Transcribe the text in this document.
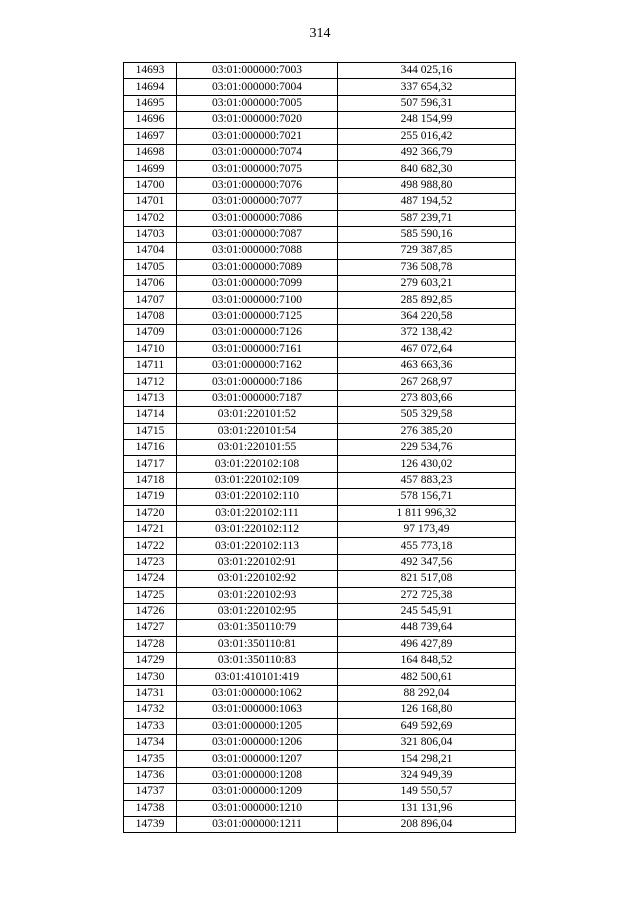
314
14693	03:01:000000:7003	344 025,16
14694	03:01:000000:7004	337 654,32
14695	03:01:000000:7005	507 596,31
14696	03:01:000000:7020	248 154,99
14697	03:01:000000:7021	255 016,42
14698	03:01:000000:7074	492 366,79
14699	03:01:000000:7075	840 682,30
14700	03:01:000000:7076	498 988,80
14701	03:01:000000:7077	487 194,52
14702	03:01:000000:7086	587 239,71
14703	03:01:000000:7087	585 590,16
14704	03:01:000000:7088	729 387,85
14705	03:01:000000:7089	736 508,78
14706	03:01:000000:7099	279 603,21
14707	03:01:000000:7100	285 892,85
14708	03:01:000000:7125	364 220,58
14709	03:01:000000:7126	372 138,42
14710	03:01:000000:7161	467 072,64
14711	03:01:000000:7162	463 663,36
14712	03:01:000000:7186	267 268,97
14713	03:01:000000:7187	273 803,66
14714	03:01:220101:52	505 329,58
14715	03:01:220101:54	276 385,20
14716	03:01:220101:55	229 534,76
14717	03:01:220102:108	126 430,02
14718	03:01:220102:109	457 883,23
14719	03:01:220102:110	578 156,71
14720	03:01:220102:111	1 811 996,32
14721	03:01:220102:112	97 173,49
14722	03:01:220102:113	455 773,18
14723	03:01:220102:91	492 347,56
14724	03:01:220102:92	821 517,08
14725	03:01:220102:93	272 725,38
14726	03:01:220102:95	245 545,91
14727	03:01:350110:79	448 739,64
14728	03:01:350110:81	496 427,89
14729	03:01:350110:83	164 848,52
14730	03:01:410101:419	482 500,61
14731	03:01:000000:1062	88 292,04
14732	03:01:000000:1063	126 168,80
14733	03:01:000000:1205	649 592,69
14734	03:01:000000:1206	321 806,04
14735	03:01:000000:1207	154 298,21
14736	03:01:000000:1208	324 949,39
14737	03:01:000000:1209	149 550,57
14738	03:01:000000:1210	131 131,96
14739	03:01:000000:1211	208 896,04
